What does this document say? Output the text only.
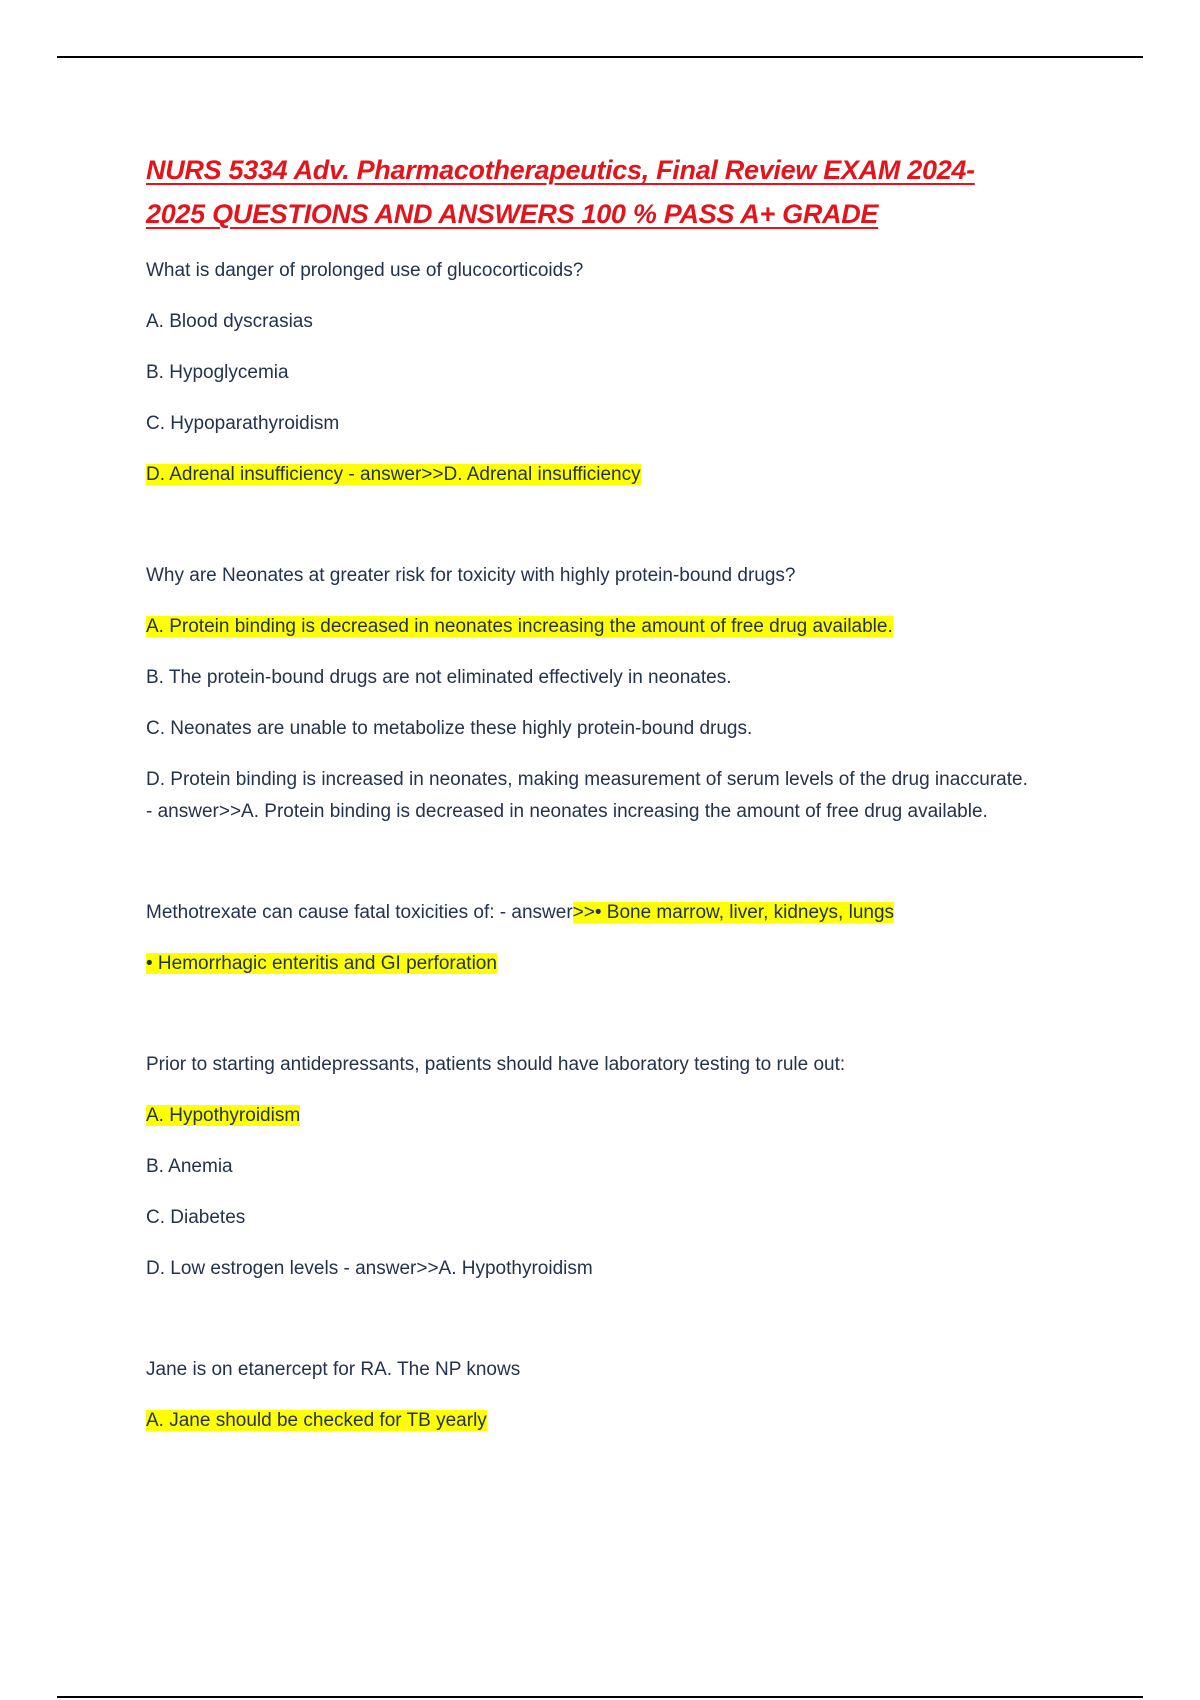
NURS 5334 Adv. Pharmacotherapeutics, Final Review EXAM 2024-
2025 QUESTIONS AND ANSWERS 100 % PASS A+ GRADE
What is danger of prolonged use of glucocorticoids?
A. Blood dyscrasias
B. Hypoglycemia
C. Hypoparathyroidism
D. Adrenal insufficiency - answer>>D. Adrenal insufficiency
Why are Neonates at greater risk for toxicity with highly protein-bound drugs?
A. Protein binding is decreased in neonates increasing the amount of free drug available.
B. The protein-bound drugs are not eliminated effectively in neonates.
C. Neonates are unable to metabolize these highly protein-bound drugs.
D. Protein binding is increased in neonates, making measurement of serum levels of the drug inaccurate.
- answer>>A. Protein binding is decreased in neonates increasing the amount of free drug available.
Methotrexate can cause fatal toxicities of: - answer>>• Bone marrow, liver, kidneys, lungs
• Hemorrhagic enteritis and GI perforation
Prior to starting antidepressants, patients should have laboratory testing to rule out:
A. Hypothyroidism
B. Anemia
C. Diabetes
D. Low estrogen levels - answer>>A. Hypothyroidism
Jane is on etanercept for RA. The NP knows
A. Jane should be checked for TB yearly
